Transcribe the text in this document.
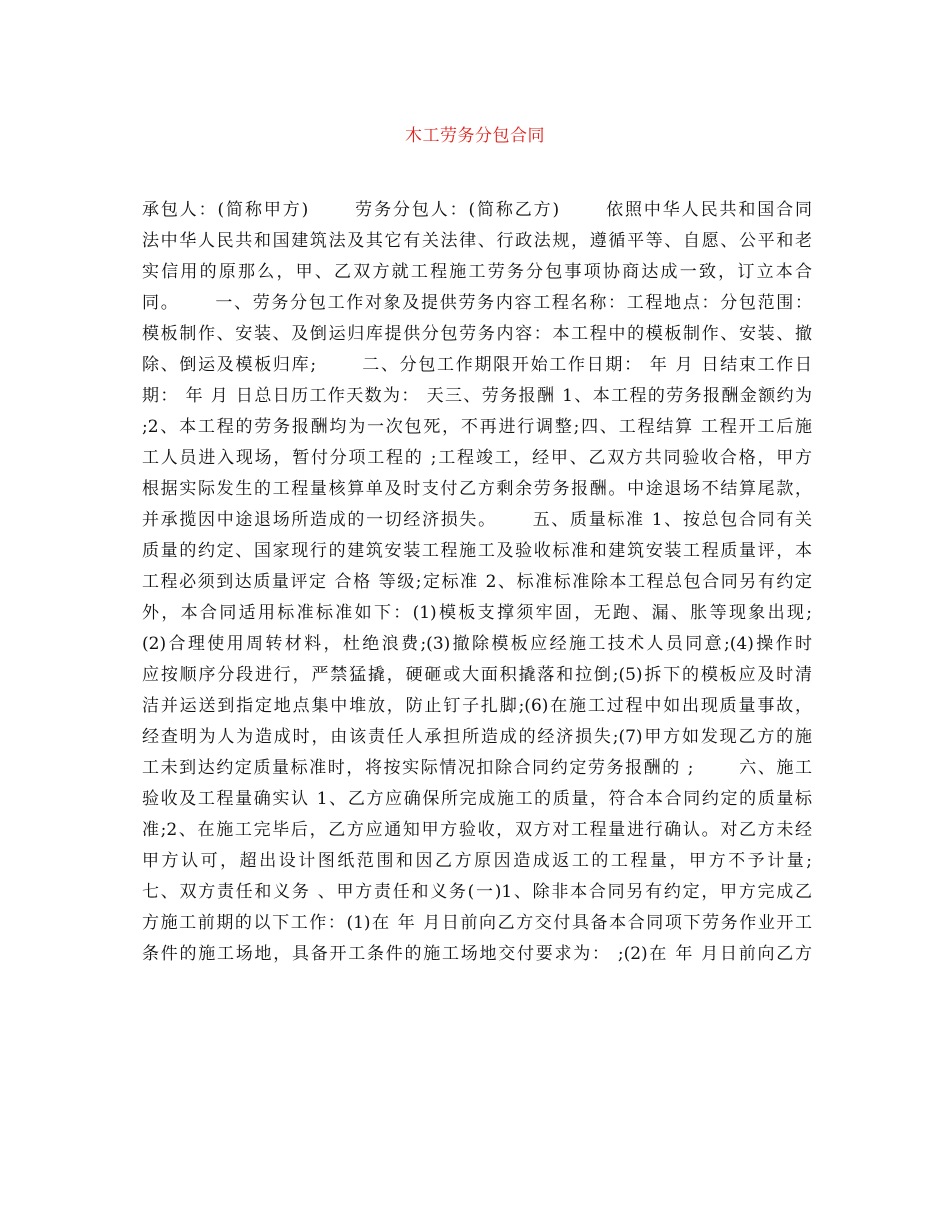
木工劳务分包合同
承包人：(简称甲方)　　 劳务分包人：(简称乙方)　　 依照中华人民共和国合同
法中华人民共和国建筑法及其它有关法律、行政法规，遵循平等、自愿、公平和老
实信用的原那么，甲、乙双方就工程施工劳务分包事项协商达成一致，订立本合
同。　　 一、劳务分包工作对象及提供劳务内容工程名称：工程地点：分包范围：
模板制作、安装、及倒运归库提供分包劳务内容：本工程中的模板制作、安装、撤
除、倒运及模板归库;　　 二、分包工作期限开始工作日期： 年 月 日结束工作日
期： 年 月 日总日历工作天数为： 天三、劳务报酬 1、本工程的劳务报酬金额约为
;2、本工程的劳务报酬均为一次包死，不再进行调整;四、工程结算 工程开工后施
工人员进入现场，暂付分项工程的 ;工程竣工，经甲、乙双方共同验收合格，甲方
根据实际发生的工程量核算单及时支付乙方剩余劳务报酬。中途退场不结算尾款，
并承揽因中途退场所造成的一切经济损失。　　 五、质量标准 1、按总包合同有关
质量的约定、国家现行的建筑安装工程施工及验收标准和建筑安装工程质量评，本
工程必须到达质量评定 合格 等级;定标准 2、标准标准除本工程总包合同另有约定
外，本合同适用标准标准如下：(1)模板支撑须牢固，无跑、漏、胀等现象出现;
(2)合理使用周转材料，杜绝浪费;(3)撤除模板应经施工技术人员同意;(4)操作时
应按顺序分段进行，严禁猛撬，硬砸或大面积撬落和拉倒;(5)拆下的模板应及时清
洁并运送到指定地点集中堆放，防止钉子扎脚;(6)在施工过程中如出现质量事故，
经查明为人为造成时，由该责任人承担所造成的经济损失;(7)甲方如发现乙方的施
工未到达约定质量标准时，将按实际情况扣除合同约定劳务报酬的 ;　　 六、施工
验收及工程量确实认 1、乙方应确保所完成施工的质量，符合本合同约定的质量标
准;2、在施工完毕后，乙方应通知甲方验收，双方对工程量进行确认。对乙方未经
甲方认可，超出设计图纸范围和因乙方原因造成返工的工程量，甲方不予计量;
七、双方责任和义务 、甲方责任和义务(一)1、除非本合同另有约定，甲方完成乙
方施工前期的以下工作：(1)在 年 月日前向乙方交付具备本合同项下劳务作业开工
条件的施工场地，具备开工条件的施工场地交付要求为： ;(2)在 年 月日前向乙方
